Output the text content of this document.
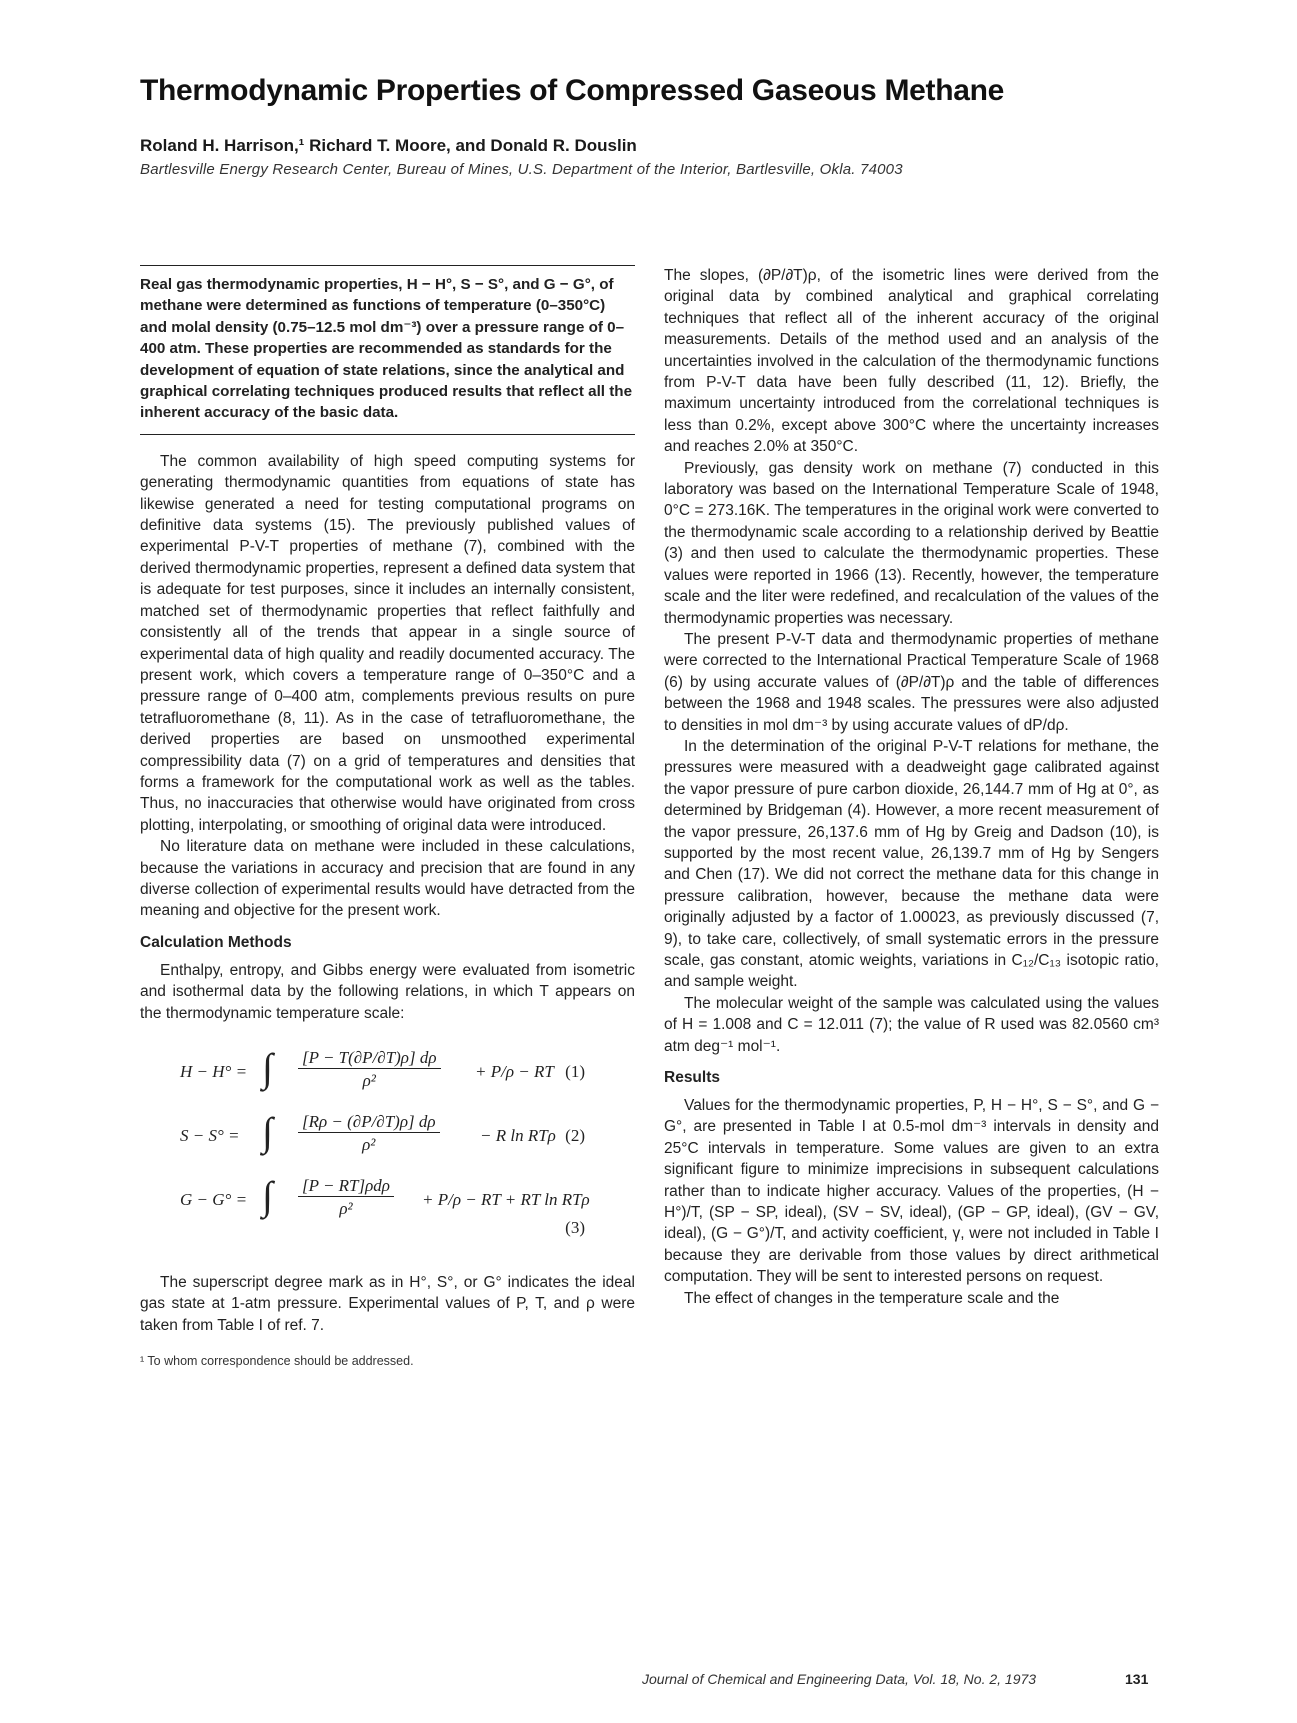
Thermodynamic Properties of Compressed Gaseous Methane

Roland H. Harrison,¹ Richard T. Moore, and Donald R. Douslin

Bartlesville Energy Research Center, Bureau of Mines, U.S. Department of the Interior, Bartlesville, Okla. 74003

Real gas thermodynamic properties, H − H°, S − S°, and G − G°, of methane were determined as functions of temperature (0–350°C) and molal density (0.75–12.5 mol dm⁻³) over a pressure range of 0–400 atm. These properties are recommended as standards for the development of equation of state relations, since the analytical and graphical correlating techniques produced results that reflect all the inherent accuracy of the basic data.

The common availability of high speed computing systems for generating thermodynamic quantities from equations of state has likewise generated a need for testing computational programs on definitive data systems (15). The previously published values of experimental P-V-T properties of methane (7), combined with the derived thermodynamic properties, represent a defined data system that is adequate for test purposes, since it includes an internally consistent, matched set of thermodynamic properties that reflect faithfully and consistently all of the trends that appear in a single source of experimental data of high quality and readily documented accuracy. The present work, which covers a temperature range of 0–350°C and a pressure range of 0–400 atm, complements previous results on pure tetrafluoromethane (8, 11). As in the case of tetrafluoromethane, the derived properties are based on unsmoothed experimental compressibility data (7) on a grid of temperatures and densities that forms a framework for the computational work as well as the tables. Thus, no inaccuracies that otherwise would have originated from cross plotting, interpolating, or smoothing of original data were introduced.

No literature data on methane were included in these calculations, because the variations in accuracy and precision that are found in any diverse collection of experimental results would have detracted from the meaning and objective for the present work.

Calculation Methods

Enthalpy, entropy, and Gibbs energy were evaluated from isometric and isothermal data by the following relations, in which T appears on the thermodynamic temperature scale:

H − H° = ∫ $\frac{[P - T(\partial P/\partial T)\rho] d\rho}{\text{ρ²}} + P/\rho$ − RT (1)
S − S° = ∫ $\frac{[R\rho - (\partial P/\partial T)\rho] d\rho}{\text{ρ²}} - R$ ln RTρ (2)
G − G° = ∫ [P − RT]ρdρ
ρ²	+ P/ρ − RT + RT ln RTρ
(3)

The superscript degree mark as in H°, S°, or G° indicates the ideal gas state at 1-atm pressure. Experimental values of P, T, and ρ were taken from Table I of ref. 7.

¹ To whom correspondence should be addressed.

The slopes, (∂P/∂T)ρ, of the isometric lines were derived from the original data by combined analytical and graphical correlating techniques that reflect all of the inherent accuracy of the original measurements. Details of the method used and an analysis of the uncertainties involved in the calculation of the thermodynamic functions from P-V-T data have been fully described (11, 12). Briefly, the maximum uncertainty introduced from the correlational techniques is less than 0.2%, except above 300°C where the uncertainty increases and reaches 2.0% at 350°C.

Previously, gas density work on methane (7) conducted in this laboratory was based on the International Temperature Scale of 1948, 0°C = 273.16K. The temperatures in the original work were converted to the thermodynamic scale according to a relationship derived by Beattie (3) and then used to calculate the thermodynamic properties. These values were reported in 1966 (13). Recently, however, the temperature scale and the liter were redefined, and recalculation of the values of the thermodynamic properties was necessary.

The present P-V-T data and thermodynamic properties of methane were corrected to the International Practical Temperature Scale of 1968 (6) by using accurate values of (∂P/∂T)ρ and the table of differences between the 1968 and 1948 scales. The pressures were also adjusted to densities in mol dm⁻³ by using accurate values of dP/dρ.

In the determination of the original P-V-T relations for methane, the pressures were measured with a deadweight gage calibrated against the vapor pressure of pure carbon dioxide, 26,144.7 mm of Hg at 0°, as determined by Bridgeman (4). However, a more recent measurement of the vapor pressure, 26,137.6 mm of Hg by Greig and Dadson (10), is supported by the most recent value, 26,139.7 mm of Hg by Sengers and Chen (17). We did not correct the methane data for this change in pressure calibration, however, because the methane data were originally adjusted by a factor of 1.00023, as previously discussed (7, 9), to take care, collectively, of small systematic errors in the pressure scale, gas constant, atomic weights, variations in C₁₂/C₁₃ isotopic ratio, and sample weight.

The molecular weight of the sample was calculated using the values of H = 1.008 and C = 12.011 (7); the value of R used was 82.0560 cm³ atm deg⁻¹ mol⁻¹.

Results

Values for the thermodynamic properties, P, H − H°, S − S°, and G − G°, are presented in Table I at 0.5-mol dm⁻³ intervals in density and 25°C intervals in temperature. Some values are given to an extra significant figure to minimize imprecisions in subsequent calculations rather than to indicate higher accuracy. Values of the properties, (H − H°)/T, (SP − SP, ideal), (SV − SV, ideal), (GP − GP, ideal), (GV − GV, ideal), (G − G°)/T, and activity coefficient, γ, were not included in Table I because they are derivable from those values by direct arithmetical computation. They will be sent to interested persons on request.

The effect of changes in the temperature scale and the

Journal of Chemical and Engineering Data, Vol. 18, No. 2, 1973	131
